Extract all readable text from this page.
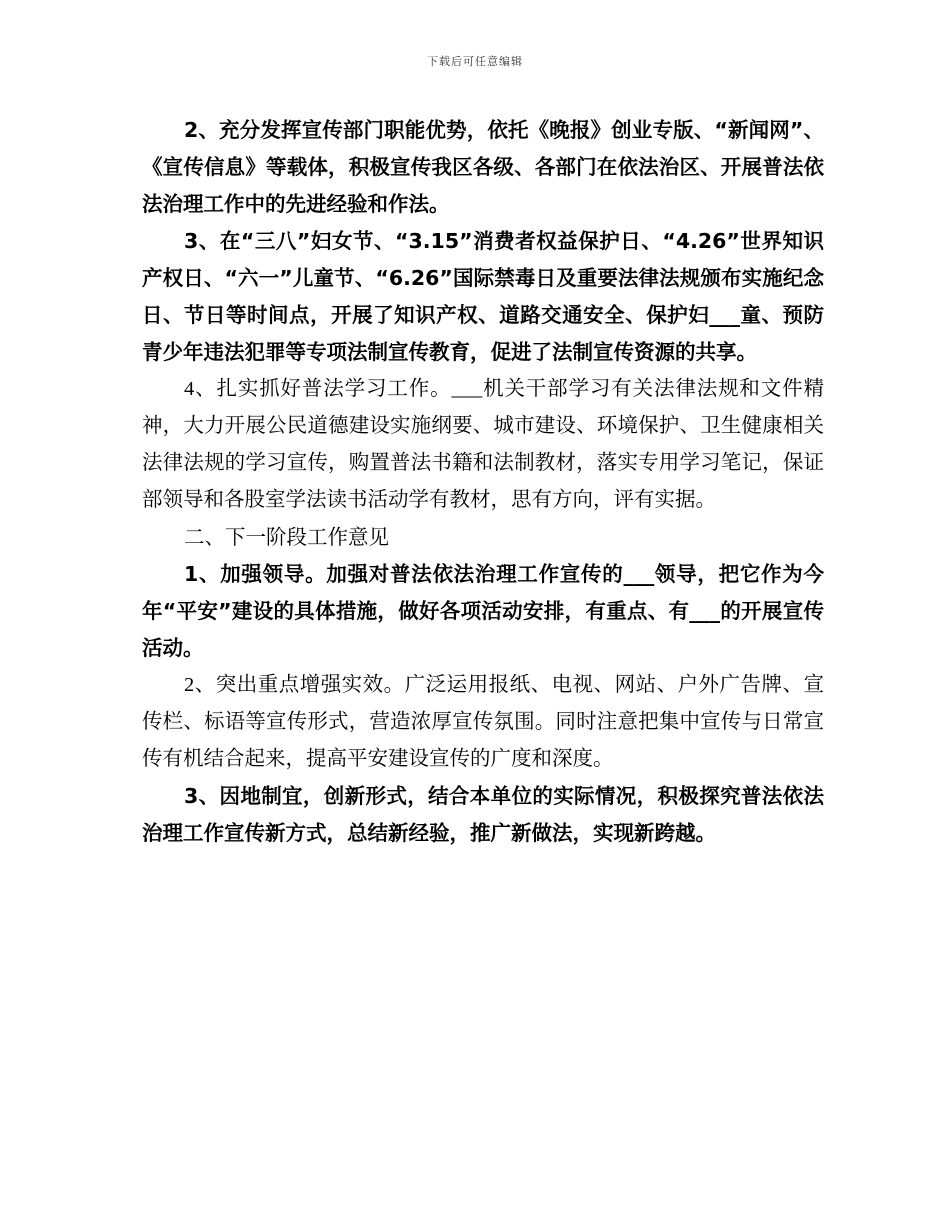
下载后可任意编辑

2、充分发挥宣传部门职能优势，依托《晚报》创业专版、“新闻网”、《宣传信息》等载体，积极宣传我区各级、各部门在依法治区、开展普法依法治理工作中的先进经验和作法。

3、在“三八”妇女节、“3.15”消费者权益保护日、“4.26”世界知识产权日、“六一”儿童节、“6.26”国际禁毒日及重要法律法规颁布实施纪念日、节日等时间点，开展了知识产权、道路交通安全、保护妇___童、预防青少年违法犯罪等专项法制宣传教育，促进了法制宣传资源的共享。

4、扎实抓好普法学习工作。___机关干部学习有关法律法规和文件精神，大力开展公民道德建设实施纲要、城市建设、环境保护、卫生健康相关法律法规的学习宣传，购置普法书籍和法制教材，落实专用学习笔记，保证部领导和各股室学法读书活动学有教材，思有方向，评有实据。

二、下一阶段工作意见

1、加强领导。加强对普法依法治理工作宣传的___领导，把它作为今年“平安”建设的具体措施，做好各项活动安排，有重点、有___的开展宣传活动。

2、突出重点增强实效。广泛运用报纸、电视、网站、户外广告牌、宣传栏、标语等宣传形式，营造浓厚宣传氛围。同时注意把集中宣传与日常宣传有机结合起来，提高平安建设宣传的广度和深度。

3、因地制宜，创新形式，结合本单位的实际情况，积极探究普法依法治理工作宣传新方式，总结新经验，推广新做法，实现新跨越。
